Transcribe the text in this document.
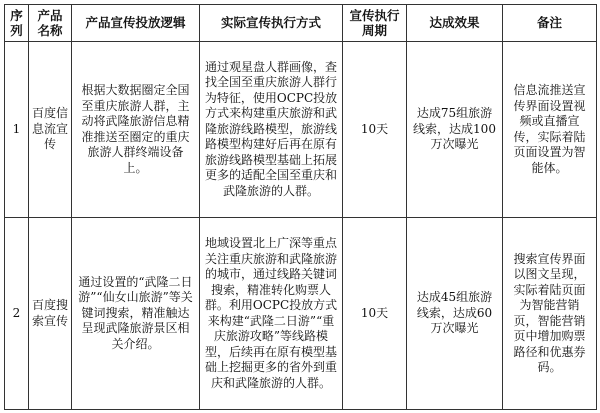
序列	产品名称	产品宣传投放逻辑	实际宣传执行方式	宣传执行周期	达成效果	备注
1	百度信息流宣传	根据大数据圈定全国至重庆旅游人群，主动将武隆旅游信息精准推送至圈定的重庆旅游人群终端设备上。	通过观星盘人群画像，查找全国至重庆旅游人群行为特征，使用OCPC投放方式来构建重庆旅游和武隆旅游线路模型，旅游线路模型构建好后再在原有旅游线路模型基础上拓展更多的适配全国至重庆和武隆旅游的人群。	10天	达成75组旅游线索，达成100万次曝光	信息流推送宣传界面设置视频或直播宣传，实际着陆页面设置为智能体。
2	百度搜索宣传	通过设置的“武隆二日游”“仙女山旅游”等关键词搜索，精准触达呈现武隆旅游景区相关介绍。	地域设置北上广深等重点关注重庆旅游和武隆旅游的城市，通过线路关键词搜索，精准转化购票人群。利用OCPC投放方式来构建“武隆二日游”“重庆旅游攻略”等线路模型，后续再在原有模型基础上挖掘更多的省外到重庆和武隆旅游的人群。	10天	达成45组旅游线索，达成60万次曝光	搜索宣传界面以图文呈现，实际着陆页面为智能营销页，智能营销页中增加购票路径和优惠券码。
